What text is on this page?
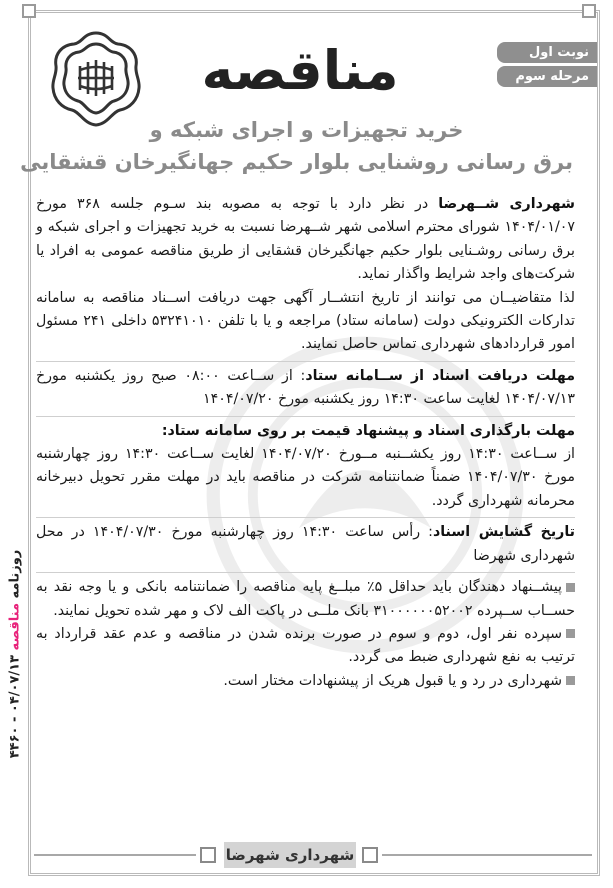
نوبت اول
مرحله سوم
مناقصه
خرید تجهیزات و اجرای شبکه و
برق رسانی روشنایی بلوار حکیم جهانگیرخان قشقایی

شهرداری شــهرضا در نظر دارد با توجه به مصوبه بند سـوم جلسه ۳۶۸ مورخ ۱۴۰۴/۰۱/۰۷ شورای محترم اسلامی شهر شــهرضا نسبت به خرید تجهیزات و اجرای شبکه و برق رسانی روشـنایی بلوار حکیم جهانگیرخان قشقایی از طریق مناقصه عمومی به افراد یا شرکت‌های واجد شرایط واگذار نماید.

لذا متقاضیــان می توانند از تاریخ انتشــار آگهی جهت دریافت اســناد مناقصه به سامانه تدارکات الکترونیکی دولت (سامانه ستاد) مراجعه و یا با تلفن ۵۳۲۴۱۰۱۰ داخلی ۲۴۱ مسئول امور قراردادهای شهرداری تماس حاصل نمایند.

مهلت دریافت اسناد از ســامانه ستاد: از ســاعت ۰۸:۰۰ صبح روز یکشنبه مورخ ۱۴۰۴/۰۷/۱۳ لغایت ساعت ۱۴:۳۰ روز یکشنبه مورخ ۱۴۰۴/۰۷/۲۰

مهلت بارگذاری اسناد و پیشنهاد قیمت بر روی سامانه ستاد:
از ســاعت ۱۴:۳۰ روز یکشــنبه مــورخ ۱۴۰۴/۰۷/۲۰ لغایت ســاعت ۱۴:۳۰ روز چهارشنبه مورخ ۱۴۰۴/۰۷/۳۰ ضمناً ضمانتنامه شرکت در مناقصه باید در مهلت مقرر تحویل دبیرخانه محرمانه شهرداری گردد.

تاریخ گشایش اسناد: رأس ساعت ۱۴:۳۰ روز چهارشنبه مورخ ۱۴۰۴/۰۷/۳۰ در محل شهرداری شهرضا

پیشــنهاد دهندگان باید حداقل ۵٪ مبلــغ پایه مناقصه را ضمانتنامه بانکی و یا وجه نقد به حســاب ســپرده ۳۱۰۰۰۰۰۰۵۲۰۰۲ بانک ملــی در پاکت الف لاک و مهر شده تحویل نمایند.

سپرده نفر اول، دوم و سوم در صورت برنده شدن در مناقصه و عدم عقد قرارداد به ترتیب به نفع شهرداری ضبط می گردد.

شهرداری در رد و یا قبول هریک از پیشنهادات مختار است.

شهرداری شهرضا
روزنامه مناقصه ۰۴/۰۷/۱۳ - ۴۴۶۰
